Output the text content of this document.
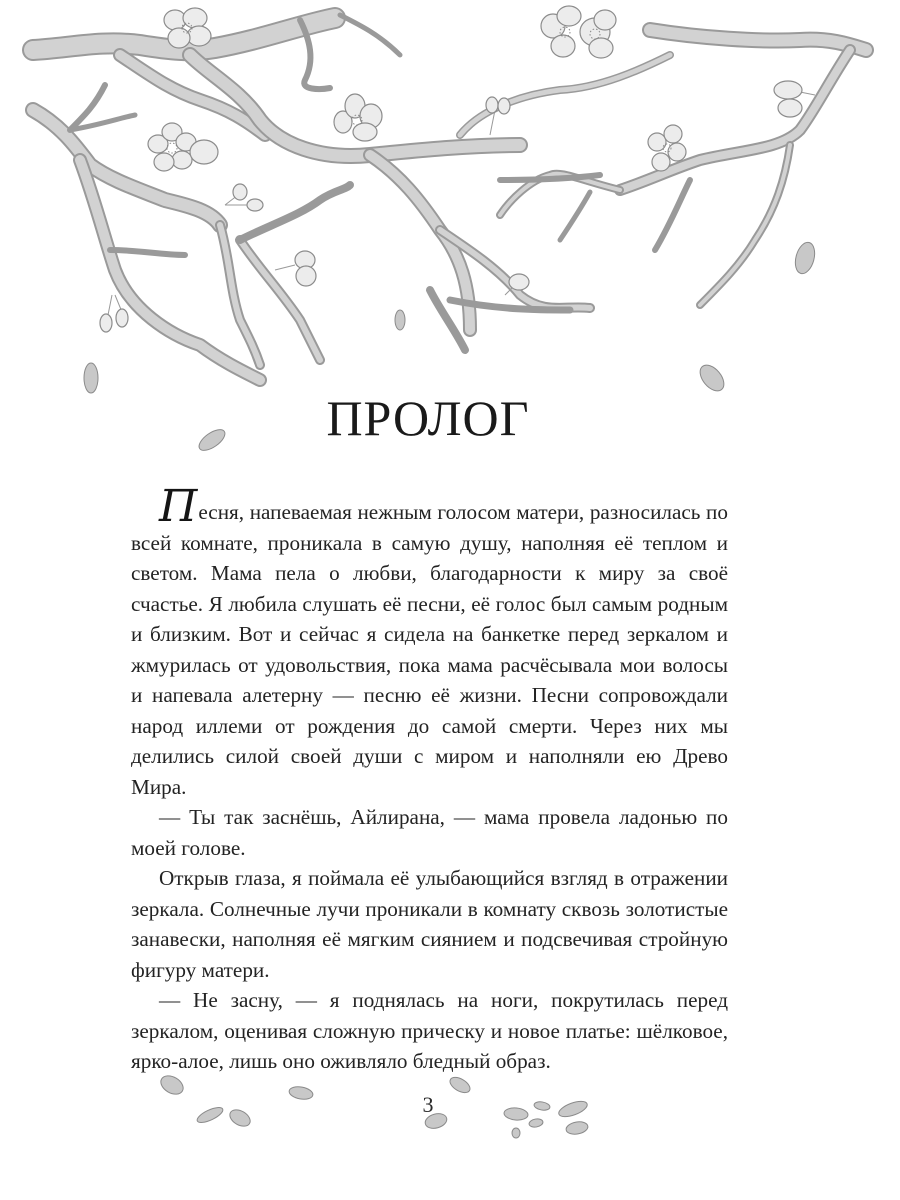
ПРОЛОГ

Песня, напеваемая нежным голосом матери, разносилась по всей комнате, проникала в самую душу, наполняя её теплом и светом. Мама пела о любви, благодарности к миру за своё счастье. Я любила слушать её песни, её голос был самым родным и близким. Вот и сейчас я сидела на банкетке перед зеркалом и жмурилась от удовольствия, пока мама расчёсывала мои волосы и напевала алетерну — песню её жизни. Песни сопровождали народ иллеми от рождения до самой смерти. Через них мы делились силой своей души с миром и наполняли ею Древо Мира.

— Ты так заснёшь, Айлирана, — мама провела ладонью по моей голове.

Открыв глаза, я поймала её улыбающийся взгляд в отражении зеркала. Солнечные лучи проникали в комнату сквозь золотистые занавески, наполняя её мягким сиянием и подсвечивая стройную фигуру матери.

— Не засну, — я поднялась на ноги, покрутилась перед зеркалом, оценивая сложную прическу и новое платье: шёлковое, ярко-алое, лишь оно оживляло бледный образ.

3
